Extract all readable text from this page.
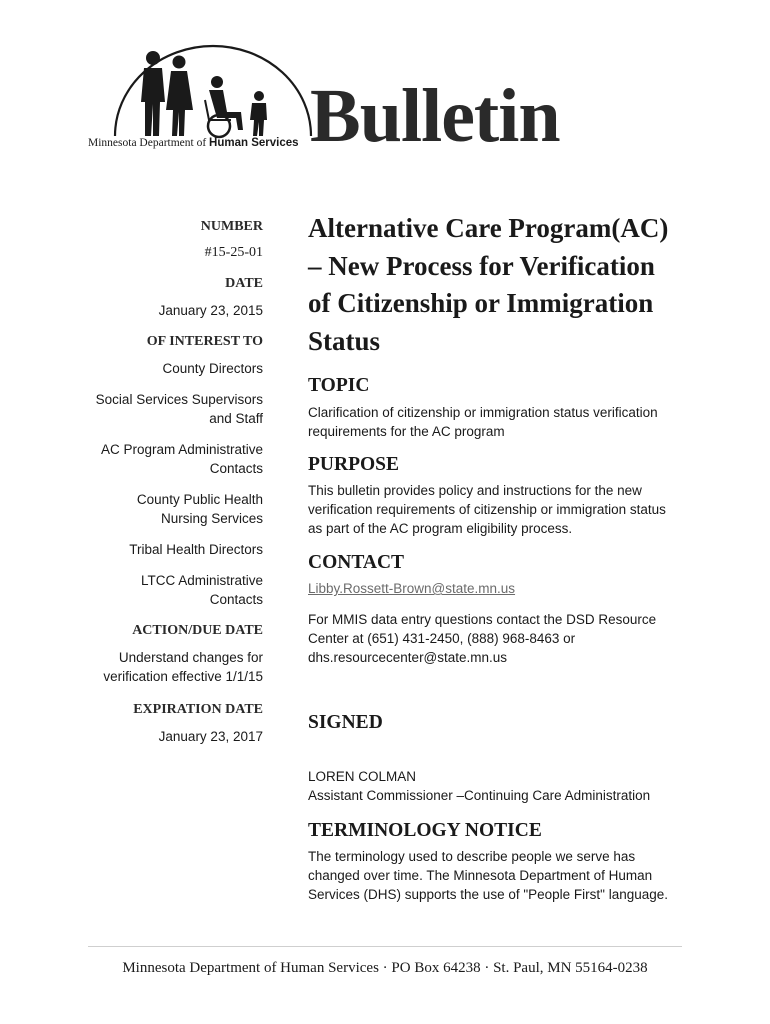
Minnesota Department of Human Services Bulletin
NUMBER
#15-25-01
DATE
January 23, 2015
OF INTEREST TO
County Directors
Social Services Supervisors
and Staff
AC Program Administrative
Contacts
County Public Health
Nursing Services
Tribal Health Directors
LTCC Administrative
Contacts
ACTION/DUE DATE
Understand changes for
verification effective 1/1/15
EXPIRATION DATE
January 23, 2017
Alternative Care Program(AC)
– New Process for Verification
of Citizenship or Immigration
Status
TOPIC
Clarification of citizenship or immigration status verification
requirements for the AC program
PURPOSE
This bulletin provides policy and instructions for the new
verification requirements of citizenship or immigration status
as part of the AC program eligibility process.
CONTACT
Libby.Rossett-Brown@state.mn.us
For MMIS data entry questions contact the DSD Resource
Center at (651) 431-2450, (888) 968-8463 or
dhs.resourcecenter@state.mn.us
SIGNED
LOREN COLMAN
Assistant Commissioner –Continuing Care Administration
TERMINOLOGY NOTICE
The terminology used to describe people we serve has
changed over time. The Minnesota Department of Human
Services (DHS) supports the use of "People First" language.
Minnesota Department of Human Services · PO Box 64238 · St. Paul, MN 55164-0238
